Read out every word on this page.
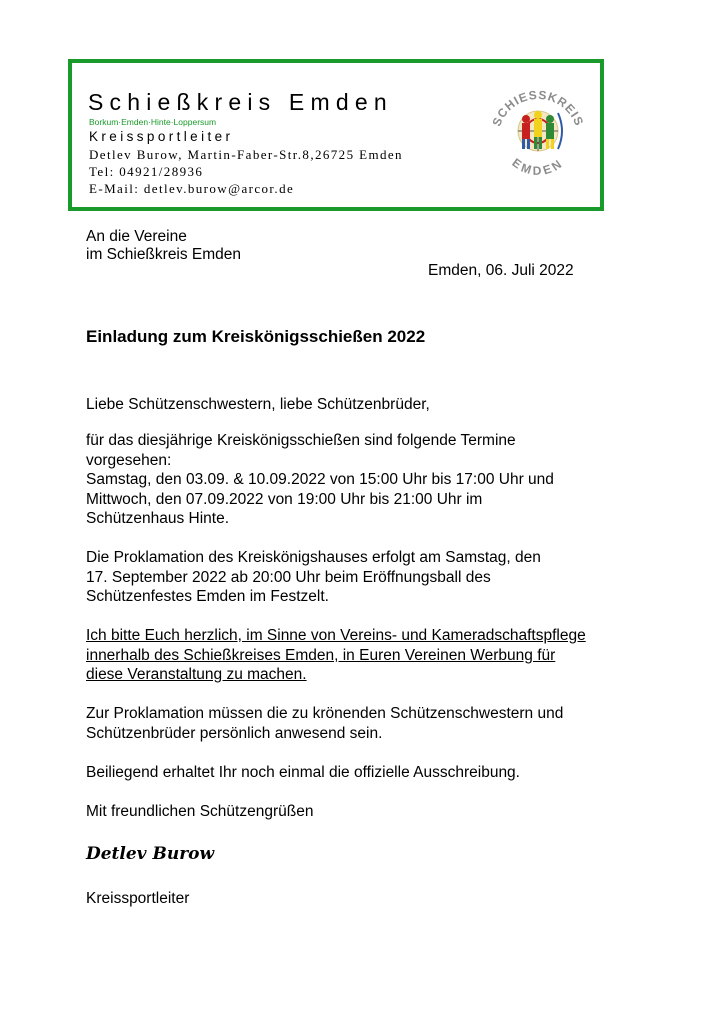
Schießkreis Emden
Borkum·Emden·Hinte·Loppersum
Kreissportleiter
Detlev Burow, Martin-Faber-Str.8,26725 Emden
Tel: 04921/28936
E-Mail: detlev.burow@arcor.de
SCHIESSKREIS
EMDEN
An die Vereine
im Schießkreis Emden
Emden, 06. Juli 2022
Einladung zum Kreiskönigsschießen 2022
Liebe Schützenschwestern, liebe Schützenbrüder,
für das diesjährige Kreiskönigsschießen sind folgende Termine
vorgesehen:
Samstag, den 03.09. & 10.09.2022 von 15:00 Uhr bis 17:00 Uhr und
Mittwoch, den 07.09.2022 von 19:00 Uhr bis 21:00 Uhr im
Schützenhaus Hinte.
Die Proklamation des Kreiskönigshauses erfolgt am Samstag, den
17. September 2022 ab 20:00 Uhr beim Eröffnungsball des
Schützenfestes Emden im Festzelt.
Ich bitte Euch herzlich, im Sinne von Vereins- und Kameradschaftspflege
innerhalb des Schießkreises Emden, in Euren Vereinen Werbung für
diese Veranstaltung zu machen.
Zur Proklamation müssen die zu krönenden Schützenschwestern und
Schützenbrüder persönlich anwesend sein.
Beiliegend erhaltet Ihr noch einmal die offizielle Ausschreibung.
Mit freundlichen Schützengrüßen
Detlev Burow
Kreissportleiter
